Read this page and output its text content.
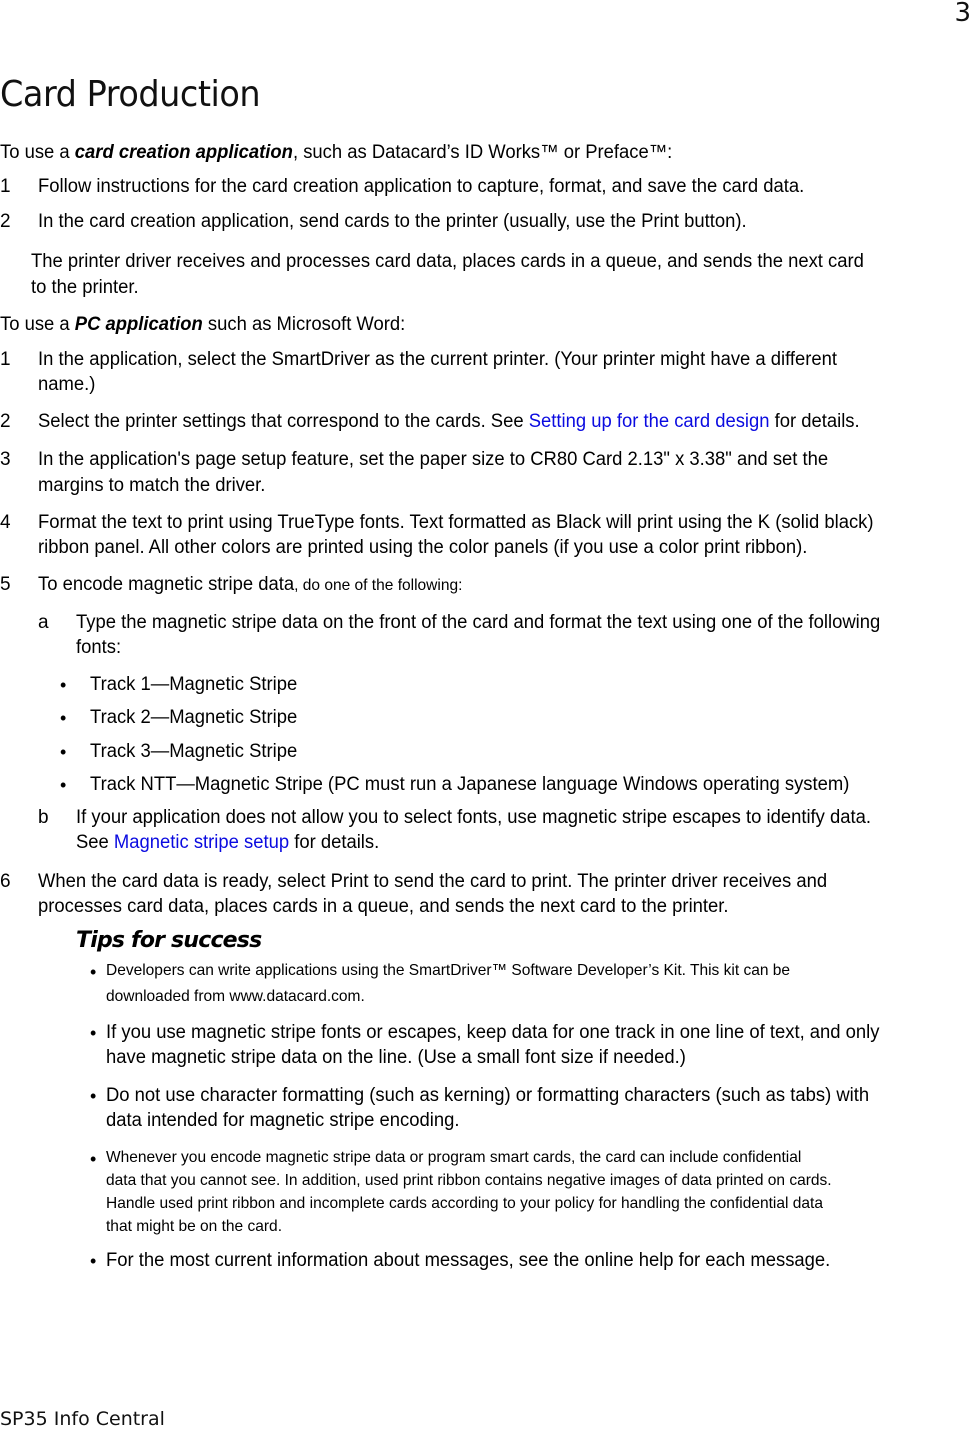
3
Card Production
To use a card creation application, such as Datacard’s ID Works™ or Preface™:
1 Follow instructions for the card creation application to capture, format, and save the card data.
2 In the card creation application, send cards to the printer (usually, use the Print button).
The printer driver receives and processes card data, places cards in a queue, and sends the next card
to the printer.
To use a PC application such as Microsoft Word:
1 In the application, select the SmartDriver as the current printer. (Your printer might have a different
name.)
2 Select the printer settings that correspond to the cards. See Setting up for the card design for details.
3 In the application's page setup feature, set the paper size to CR80 Card 2.13" x 3.38" and set the
margins to match the driver.
4 Format the text to print using TrueType fonts. Text formatted as Black will print using the K (solid black)
ribbon panel. All other colors are printed using the color panels (if you use a color print ribbon).
5 To encode magnetic stripe data, do one of the following:
a Type the magnetic stripe data on the front of the card and format the text using one of the following
fonts:
• Track 1—Magnetic Stripe
• Track 2—Magnetic Stripe
• Track 3—Magnetic Stripe
• Track NTT—Magnetic Stripe (PC must run a Japanese language Windows operating system)
b If your application does not allow you to select fonts, use magnetic stripe escapes to identify data.
See Magnetic stripe setup for details.
6 When the card data is ready, select Print to send the card to print. The printer driver receives and
processes card data, places cards in a queue, and sends the next card to the printer.
Tips for success
• Developers can write applications using the SmartDriver™ Software Developer’s Kit. This kit can be
downloaded from www.datacard.com.
• If you use magnetic stripe fonts or escapes, keep data for one track in one line of text, and only
have magnetic stripe data on the line. (Use a small font size if needed.)
• Do not use character formatting (such as kerning) or formatting characters (such as tabs) with
data intended for magnetic stripe encoding.
• Whenever you encode magnetic stripe data or program smart cards, the card can include confidential
data that you cannot see. In addition, used print ribbon contains negative images of data printed on cards.
Handle used print ribbon and incomplete cards according to your policy for handling the confidential data
that might be on the card.
• For the most current information about messages, see the online help for each message.
SP35 Info Central
